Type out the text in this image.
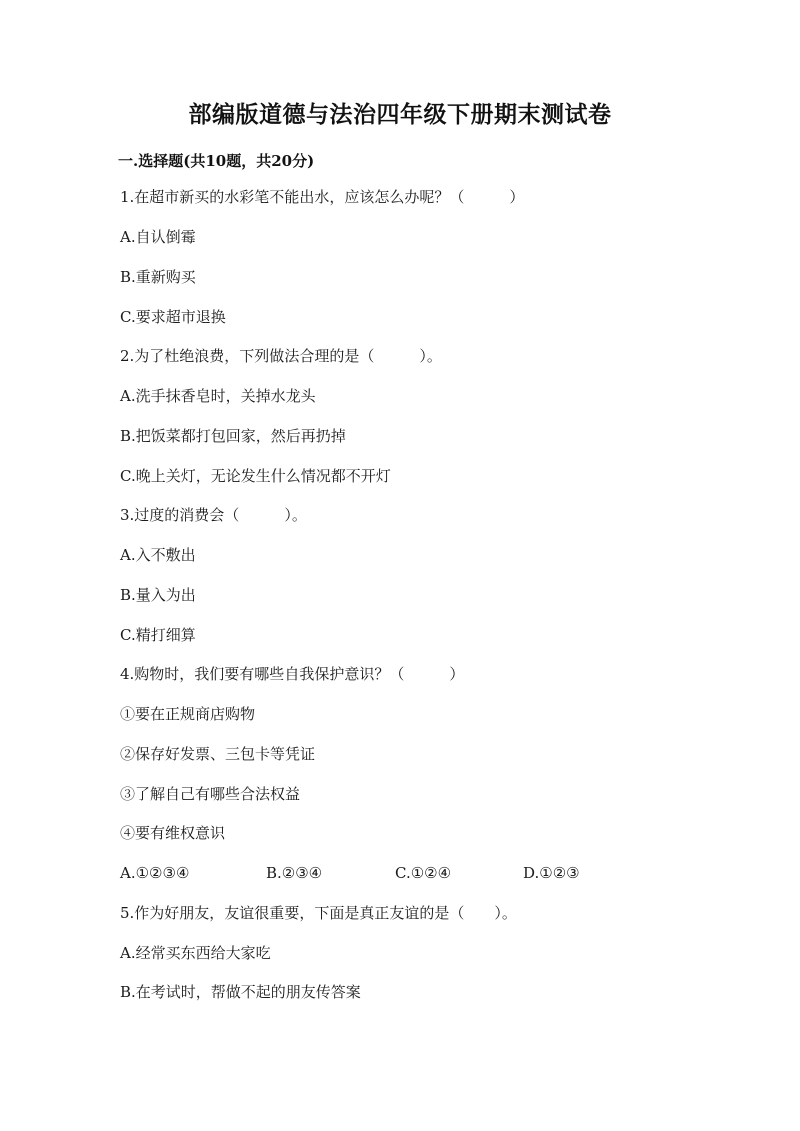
部编版道德与法治四年级下册期末测试卷
一.选择题(共10题，共20分)
1.在超市新买的水彩笔不能出水，应该怎么办呢？（　　　）
A.自认倒霉
B.重新购买
C.要求超市退换
2.为了杜绝浪费，下列做法合理的是（　　　）。
A.洗手抹香皂时，关掉水龙头
B.把饭菜都打包回家，然后再扔掉
C.晚上关灯，无论发生什么情况都不开灯
3.过度的消费会（　　　）。
A.入不敷出
B.量入为出
C.精打细算
4.购物时，我们要有哪些自我保护意识？（　　　）
①要在正规商店购物
②保存好发票、三包卡等凭证
③了解自己有哪些合法权益
④要有维权意识
A.①②③④	B.②③④	C.①②④	D.①②③
5.作为好朋友，友谊很重要，下面是真正友谊的是（　　）。
A.经常买东西给大家吃
B.在考试时，帮做不起的朋友传答案
